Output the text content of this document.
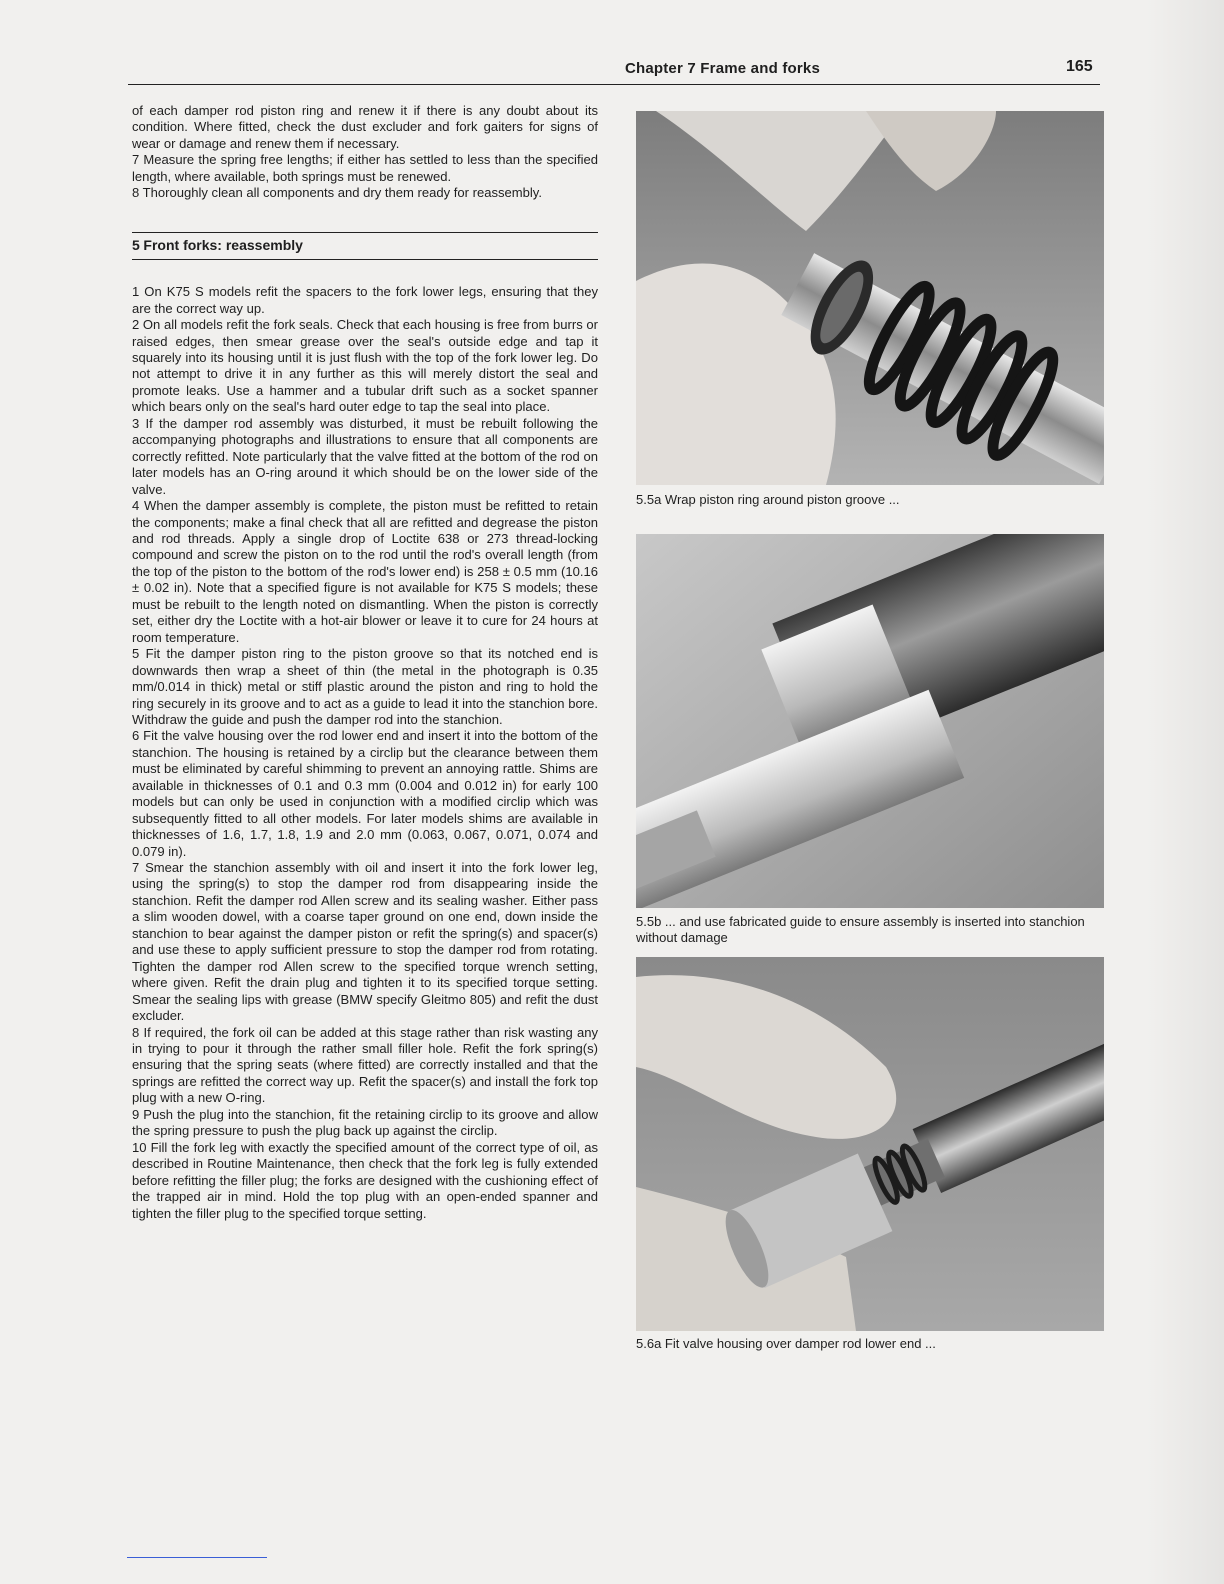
Chapter 7 Frame and forks	165

of each damper rod piston ring and renew it if there is any doubt about its condition. Where fitted, check the dust excluder and fork gaiters for signs of wear or damage and renew them if necessary.

7 Measure the spring free lengths; if either has settled to less than the specified length, where available, both springs must be renewed.

8 Thoroughly clean all components and dry them ready for reassembly.

5 Front forks: reassembly

1 On K75 S models refit the spacers to the fork lower legs, ensuring that they are the correct way up.

2 On all models refit the fork seals. Check that each housing is free from burrs or raised edges, then smear grease over the seal's outside edge and tap it squarely into its housing until it is just flush with the top of the fork lower leg. Do not attempt to drive it in any further as this will merely distort the seal and promote leaks. Use a hammer and a tubular drift such as a socket spanner which bears only on the seal's hard outer edge to tap the seal into place.

3 If the damper rod assembly was disturbed, it must be rebuilt following the accompanying photographs and illustrations to ensure that all components are correctly refitted. Note particularly that the valve fitted at the bottom of the rod on later models has an O-ring around it which should be on the lower side of the valve.

4 When the damper assembly is complete, the piston must be refitted to retain the components; make a final check that all are refitted and degrease the piston and rod threads. Apply a single drop of Loctite 638 or 273 thread-locking compound and screw the piston on to the rod until the rod's overall length (from the top of the piston to the bottom of the rod's lower end) is 258 ± 0.5 mm (10.16 ± 0.02 in). Note that a specified figure is not available for K75 S models; these must be rebuilt to the length noted on dismantling. When the piston is correctly set, either dry the Loctite with a hot-air blower or leave it to cure for 24 hours at room temperature.

5 Fit the damper piston ring to the piston groove so that its notched end is downwards then wrap a sheet of thin (the metal in the photograph is 0.35 mm/0.014 in thick) metal or stiff plastic around the piston and ring to hold the ring securely in its groove and to act as a guide to lead it into the stanchion bore. Withdraw the guide and push the damper rod into the stanchion.

6 Fit the valve housing over the rod lower end and insert it into the bottom of the stanchion. The housing is retained by a circlip but the clearance between them must be eliminated by careful shimming to prevent an annoying rattle. Shims are available in thicknesses of 0.1 and 0.3 mm (0.004 and 0.012 in) for early 100 models but can only be used in conjunction with a modified circlip which was subsequently fitted to all other models. For later models shims are available in thicknesses of 1.6, 1.7, 1.8, 1.9 and 2.0 mm (0.063, 0.067, 0.071, 0.074 and 0.079 in).

7 Smear the stanchion assembly with oil and insert it into the fork lower leg, using the spring(s) to stop the damper rod from disappearing inside the stanchion. Refit the damper rod Allen screw and its sealing washer. Either pass a slim wooden dowel, with a coarse taper ground on one end, down inside the stanchion to bear against the damper piston or refit the spring(s) and spacer(s) and use these to apply sufficient pressure to stop the damper rod from rotating. Tighten the damper rod Allen screw to the specified torque wrench setting, where given. Refit the drain plug and tighten it to its specified torque setting. Smear the sealing lips with grease (BMW specify Gleitmo 805) and refit the dust excluder.

8 If required, the fork oil can be added at this stage rather than risk wasting any in trying to pour it through the rather small filler hole. Refit the fork spring(s) ensuring that the spring seats (where fitted) are correctly installed and that the springs are refitted the correct way up. Refit the spacer(s) and install the fork top plug with a new O-ring.

9 Push the plug into the stanchion, fit the retaining circlip to its groove and allow the spring pressure to push the plug back up against the circlip.

10 Fill the fork leg with exactly the specified amount of the correct type of oil, as described in Routine Maintenance, then check that the fork leg is fully extended before refitting the filler plug; the forks are designed with the cushioning effect of the trapped air in mind. Hold the top plug with an open-ended spanner and tighten the filler plug to the specified torque setting.

5.5a Wrap piston ring around piston groove ...
5.5b ... and use fabricated guide to ensure assembly is inserted into stanchion without damage
5.6a Fit valve housing over damper rod lower end ...
